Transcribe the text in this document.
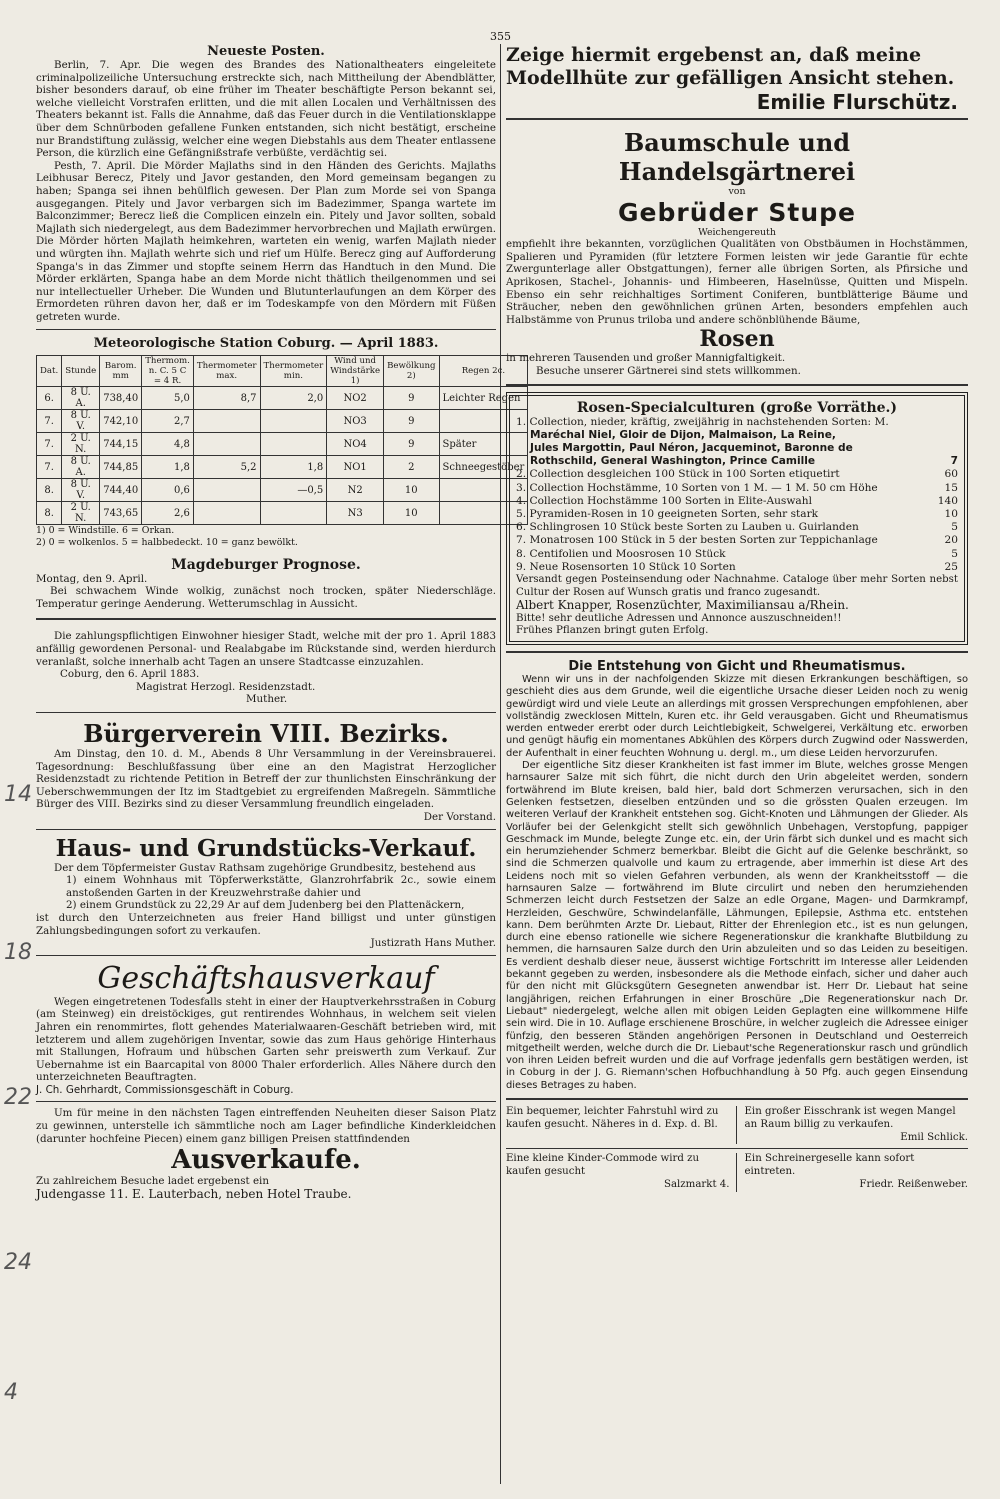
355
14
18
22
24
4

Neueste Posten.

Berlin, 7. Apr. Die wegen des Brandes des Nationaltheaters eingeleitete criminalpolizeiliche Untersuchung erstreckte sich, nach Mittheilung der Abendblätter, bisher besonders darauf, ob eine früher im Theater beschäftigte Person bekannt sei, welche vielleicht Vorstrafen erlitten, und die mit allen Localen und Verhältnissen des Theaters bekannt ist. Falls die Annahme, daß das Feuer durch in die Ventilationsklappe über dem Schnürboden gefallene Funken entstanden, sich nicht bestätigt, erscheine nur Brandstiftung zulässig, welcher eine wegen Diebstahls aus dem Theater entlassene Person, die kürzlich eine Gefängnißstrafe verbüßte, verdächtig sei.

Pesth, 7. April. Die Mörder Majlaths sind in den Händen des Gerichts. Majlaths Leibhusar Berecz, Pitely und Javor gestanden, den Mord gemeinsam begangen zu haben; Spanga sei ihnen behülflich gewesen. Der Plan zum Morde sei von Spanga ausgegangen. Pitely und Javor verbargen sich im Badezimmer, Spanga wartete im Balconzimmer; Berecz ließ die Complicen einzeln ein. Pitely und Javor sollten, sobald Majlath sich niedergelegt, aus dem Badezimmer hervorbrechen und Majlath erwürgen. Die Mörder hörten Majlath heimkehren, warteten ein wenig, warfen Majlath nieder und würgten ihn. Majlath wehrte sich und rief um Hülfe. Berecz ging auf Aufforderung Spanga's in das Zimmer und stopfte seinem Herrn das Handtuch in den Mund. Die Mörder erklärten, Spanga habe an dem Morde nicht thätlich theilgenommen und sei nur intellectueller Urheber. Die Wunden und Blutunterlaufungen an dem Körper des Ermordeten rühren davon her, daß er im Todeskampfe von den Mördern mit Füßen getreten wurde.

Meteorologische Station Coburg. — April 1883.

Dat.	Stunde	Barom. mm	Thermom. n. C. 5 C = 4 R.	Thermometer max.	Thermometer min.	Wind und Windstärke 1)	Bewölkung 2)	Regen 2c.
6.	8 U. A.	738,40	5,0	8,7	2,0	NO2	9	Leichter Regen
7.	8 U. V.	742,10	2,7			NO3	9	
7.	2 U. N.	744,15	4,8			NO4	9	Später
7.	8 U. A.	744,85	1,8	5,2	1,8	NO1	2	Schneegestöber
8.	8 U. V.	744,40	0,6		—0,5	N2	10	
8.	2 U. N.	743,65	2,6			N3	10	

1) 0 = Windstille. 6 = Orkan.

2) 0 = wolkenlos. 5 = halbbedeckt. 10 = ganz bewölkt.

Magdeburger Prognose.

Montag, den 9. April.

Bei schwachem Winde wolkig, zunächst noch trocken, später Niederschläge. Temperatur geringe Aenderung. Wetterumschlag in Aussicht.

Die zahlungspflichtigen Einwohner hiesiger Stadt, welche mit der pro 1. April 1883 anfällig gewordenen Personal- und Realabgabe im Rückstande sind, werden hierdurch veranlaßt, solche innerhalb acht Tagen an unsere Stadtcasse einzuzahlen.

Coburg, den 6. April 1883.

Magistrat Herzogl. Residenzstadt.

Muther.

Bürgerverein VIII. Bezirks.

Am Dinstag, den 10. d. M., Abends 8 Uhr Versammlung in der Vereinsbrauerei. Tagesordnung: Beschlußfassung über eine an den Magistrat Herzoglicher Residenzstadt zu richtende Petition in Betreff der zur thunlichsten Einschränkung der Ueberschwemmungen der Itz im Stadtgebiet zu ergreifenden Maßregeln. Sämmtliche Bürger des VIII. Bezirks sind zu dieser Versammlung freundlich eingeladen.

Der Vorstand.

Haus- und Grundstücks-Verkauf.

Der dem Töpfermeister Gustav Rathsam zugehörige Grundbesitz, bestehend aus

1) einem Wohnhaus mit Töpferwerkstätte, Glanzrohrfabrik 2c., sowie einem anstoßenden Garten in der Kreuzwehrstraße dahier und

2) einem Grundstück zu 22,29 Ar auf dem Judenberg bei den Plattenäckern,

ist durch den Unterzeichneten aus freier Hand billigst und unter günstigen Zahlungsbedingungen sofort zu verkaufen.

Justizrath Hans Muther.

Geschäftshausverkauf

Wegen eingetretenen Todesfalls steht in einer der Hauptverkehrsstraßen in Coburg (am Steinweg) ein dreistöckiges, gut rentirendes Wohnhaus, in welchem seit vielen Jahren ein renommirtes, flott gehendes Materialwaaren-Geschäft betrieben wird, mit letzterem und allem zugehörigen Inventar, sowie das zum Haus gehörige Hinterhaus mit Stallungen, Hofraum und hübschen Garten sehr preiswerth zum Verkauf. Zur Uebernahme ist ein Baarcapital von 8000 Thaler erforderlich. Alles Nähere durch den unterzeichneten Beauftragten.

J. Ch. Gehrhardt, Commissionsgeschäft in Coburg.

Um für meine in den nächsten Tagen eintreffenden Neuheiten dieser Saison Platz zu gewinnen, unterstelle ich sämmtliche noch am Lager befindliche Kinderkleidchen (darunter hochfeine Piecen) einem ganz billigen Preisen stattfindenden

Ausverkaufe.

Zu zahlreichem Besuche ladet ergebenst ein

Judengasse 11. E. Lauterbach, neben Hotel Traube.

Zeige hiermit ergebenst an, daß meine Modellhüte zur gefälligen Ansicht stehen.

Emilie Flurschütz.

Baumschule und Handelsgärtnerei

von

Gebrüder Stupe

Weichengereuth

empfiehlt ihre bekannten, vorzüglichen Qualitäten von Obstbäumen in Hochstämmen, Spalieren und Pyramiden (für letztere Formen leisten wir jede Garantie für echte Zwergunterlage aller Obstgattungen), ferner alle übrigen Sorten, als Pfirsiche und Aprikosen, Stachel-, Johannis- und Himbeeren, Haselnüsse, Quitten und Mispeln. Ebenso ein sehr reichhaltiges Sortiment Coniferen, buntblätterige Bäume und Sträucher, neben den gewöhnlichen grünen Arten, besonders empfehlen auch Halbstämme von Prunus triloba und andere schönblühende Bäume,

Rosen

in mehreren Tausenden und großer Mannigfaltigkeit.

Besuche unserer Gärtnerei sind stets willkommen.

Rosen-Specialculturen (große Vorräthe.)

1. Collection, nieder, kräftig, zweijährig in nachstehenden Sorten: M.
Maréchal Niel, Gloir de Dijon, Malmaison, La Reine,
Jules Margottin, Paul Néron, Jacqueminot, Baronne de
Rothschild, General Washington, Prince Camille	7
2. Collection desgleichen 100 Stück in 100 Sorten etiquetirt	60
3. Collection Hochstämme, 10 Sorten von 1 M. — 1 M. 50 cm Höhe	15
4. Collection Hochstämme 100 Sorten in Elite-Auswahl	140
5. Pyramiden-Rosen in 10 geeigneten Sorten, sehr stark	10
6. Schlingrosen 10 Stück beste Sorten zu Lauben u. Guirlanden	5
7. Monatrosen 100 Stück in 5 der besten Sorten zur Teppichanlage	20
8. Centifolien und Moosrosen 10 Stück	5
9. Neue Rosensorten 10 Stück 10 Sorten	25

Versandt gegen Posteinsendung oder Nachnahme. Cataloge über mehr Sorten nebst Cultur der Rosen auf Wunsch gratis und franco zugesandt.

Albert Knapper, Rosenzüchter, Maximiliansau a/Rhein.

Bitte! sehr deutliche Adressen und Annonce auszuschneiden!!

Frühes Pflanzen bringt guten Erfolg.

Die Entstehung von Gicht und Rheumatismus.

Wenn wir uns in der nachfolgenden Skizze mit diesen Erkrankungen beschäftigen, so geschieht dies aus dem Grunde, weil die eigentliche Ursache dieser Leiden noch zu wenig gewürdigt wird und viele Leute an allerdings mit grossen Versprechungen empfohlenen, aber vollständig zwecklosen Mitteln, Kuren etc. ihr Geld verausgaben. Gicht und Rheumatismus werden entweder ererbt oder durch Leichtlebigkeit, Schwelgerei, Verkältung etc. erworben und genügt häufig ein momentanes Abkühlen des Körpers durch Zugwind oder Nasswerden, der Aufenthalt in einer feuchten Wohnung u. dergl. m., um diese Leiden hervorzurufen.

Der eigentliche Sitz dieser Krankheiten ist fast immer im Blute, welches grosse Mengen harnsaurer Salze mit sich führt, die nicht durch den Urin abgeleitet werden, sondern fortwährend im Blute kreisen, bald hier, bald dort Schmerzen verursachen, sich in den Gelenken festsetzen, dieselben entzünden und so die grössten Qualen erzeugen. Im weiteren Verlauf der Krankheit entstehen sog. Gicht-Knoten und Lähmungen der Glieder. Als Vorläufer bei der Gelenkgicht stellt sich gewöhnlich Unbehagen, Verstopfung, pappiger Geschmack im Munde, belegte Zunge etc. ein, der Urin färbt sich dunkel und es macht sich ein herumziehender Schmerz bemerkbar. Bleibt die Gicht auf die Gelenke beschränkt, so sind die Schmerzen qualvolle und kaum zu ertragende, aber immerhin ist diese Art des Leidens noch mit so vielen Gefahren verbunden, als wenn der Krankheitsstoff — die harnsauren Salze — fortwährend im Blute circulirt und neben den herumziehenden Schmerzen leicht durch Festsetzen der Salze an edle Organe, Magen- und Darmkrampf, Herzleiden, Geschwüre, Schwindelanfälle, Lähmungen, Epilepsie, Asthma etc. entstehen kann. Dem berühmten Arzte Dr. Liebaut, Ritter der Ehrenlegion etc., ist es nun gelungen, durch eine ebenso rationelle wie sichere Regenerationskur die krankhafte Blutbildung zu hemmen, die harnsauren Salze durch den Urin abzuleiten und so das Leiden zu beseitigen. Es verdient deshalb dieser neue, äusserst wichtige Fortschritt im Interesse aller Leidenden bekannt gegeben zu werden, insbesondere als die Methode einfach, sicher und daher auch für den nicht mit Glücksgütern Gesegneten anwendbar ist. Herr Dr. Liebaut hat seine langjährigen, reichen Erfahrungen in einer Broschüre „Die Regenerationskur nach Dr. Liebaut" niedergelegt, welche allen mit obigen Leiden Geplagten eine willkommene Hilfe sein wird. Die in 10. Auflage erschienene Broschüre, in welcher zugleich die Adressee einiger fünfzig, den besseren Ständen angehörigen Personen in Deutschland und Oesterreich mitgetheilt werden, welche durch die Dr. Liebaut'sche Regenerationskur rasch und gründlich von ihren Leiden befreit wurden und die auf Vorfrage jedenfalls gern bestätigen werden, ist in Coburg in der J. G. Riemann'schen Hofbuchhandlung à 50 Pfg. auch gegen Einsendung dieses Betrages zu haben.

Ein bequemer, leichter Fahrstuhl wird zu kaufen gesucht. Näheres in d. Exp. d. Bl.

Ein großer Eisschrank ist wegen Mangel an Raum billig zu verkaufen.

Emil Schlick.

Eine kleine Kinder-Commode wird zu kaufen gesucht

Salzmarkt 4.

Ein Schreinergeselle kann sofort eintreten.

Friedr. Reißenweber.
